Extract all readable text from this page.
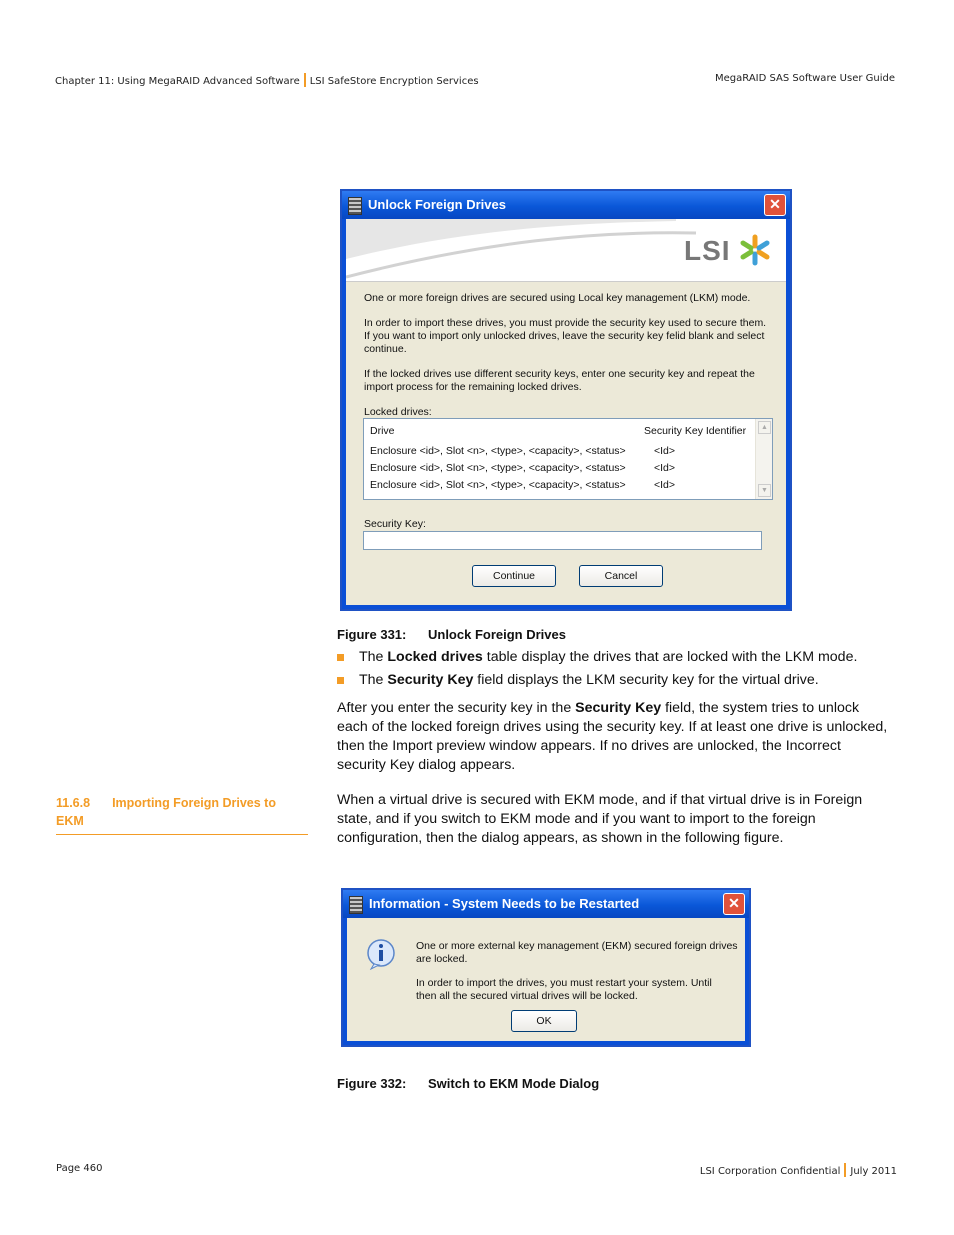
Chapter 11: Using MegaRAID Advanced Software LSI SafeStore Encryption Services	MegaRAID SAS Software User Guide
Unlock Foreign Drives	✕
LSI
One or more foreign drives are secured using Local key management (LKM) mode.
In order to import these drives, you must provide the security key used to secure them.
If you want to import only unlocked drives, leave the security key felid blank and select
continue.
If the locked drives use different security keys, enter one security key and repeat the
import process for the remaining locked drives.
Locked drives:
Drive	Security Key Identifier
Enclosure <id>, Slot <n>, <type>, <capacity>, <status>	<Id>
Enclosure <id>, Slot <n>, <type>, <capacity>, <status>	<Id>
Enclosure <id>, Slot <n>, <type>, <capacity>, <status>	<Id>
▲
▼
Security Key:
Continue	Cancel
Figure 331: Unlock Foreign Drives
The Locked drives table display the drives that are locked with the LKM mode.
The Security Key field displays the LKM security key for the virtual drive.
After you enter the security key in the Security Key field, the system tries to unlock
each of the locked foreign drives using the security key. If at least one drive is unlocked,
then the Import preview window appears. If no drives are unlocked, the Incorrect
security Key dialog appears.
11.6.8 Importing Foreign Drives to
EKM
When a virtual drive is secured with EKM mode, and if that virtual drive is in Foreign
state, and if you switch to EKM mode and if you want to import to the foreign
configuration, then the dialog appears, as shown in the following figure.
Information - System Needs to be Restarted	✕
One or more external key management (EKM) secured foreign drives
are locked.
In order to import the drives, you must restart your system. Until
then all the secured virtual drives will be locked.
OK
Figure 332: Switch to EKM Mode Dialog
Page 460	LSI Corporation Confidential July 2011
